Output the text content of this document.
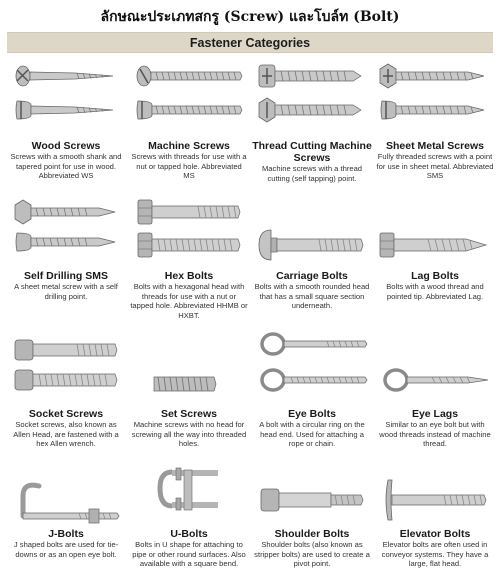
ลักษณะประเภทสกรู (Screw) และโบล์ท (Bolt)
Fastener Categories
Wood Screws
Screws with a smooth shank and tapered point for use in wood. Abbreviated WS
Machine Screws
Screws with threads for use with a nut or tapped hole. Abbreviated MS
Thread Cutting Machine Screws
Machine screws with a thread cutting (self tapping) point.
Sheet Metal Screws
Fully threaded screws with a point for use in sheet metal. Abbreviated SMS
Self Drilling SMS
A sheet metal screw with a self drilling point.
Hex Bolts
Bolts with a hexagonal head with threads for use with a nut or tapped hole. Abbreviated HHMB or HXBT.
Carriage Bolts
Bolts with a smooth rounded head that has a small square section underneath.
Lag Bolts
Bolts with a wood thread and pointed tip. Abbreviated Lag.
Socket Screws
Socket screws, also known as Allen Head, are fastened with a hex Allen wrench.
Set Screws
Machine screws with no head for screwing all the way into threaded holes.
Eye Bolts
A bolt with a circular ring on the head end. Used for attaching a rope or chain.
Eye Lags
Similar to an eye bolt but with wood threads instead of machine thread.
J-Bolts
J shaped bolts are used for tie-downs or as an open eye bolt.
U-Bolts
Bolts in U shape for attaching to pipe or other round surfaces. Also available with a square bend.
Shoulder Bolts
Shoulder bolts (also known as stripper bolts) are used to create a pivot point.
Elevator Bolts
Elevator bolts are often used in conveyor systems. They have a large, flat head.
